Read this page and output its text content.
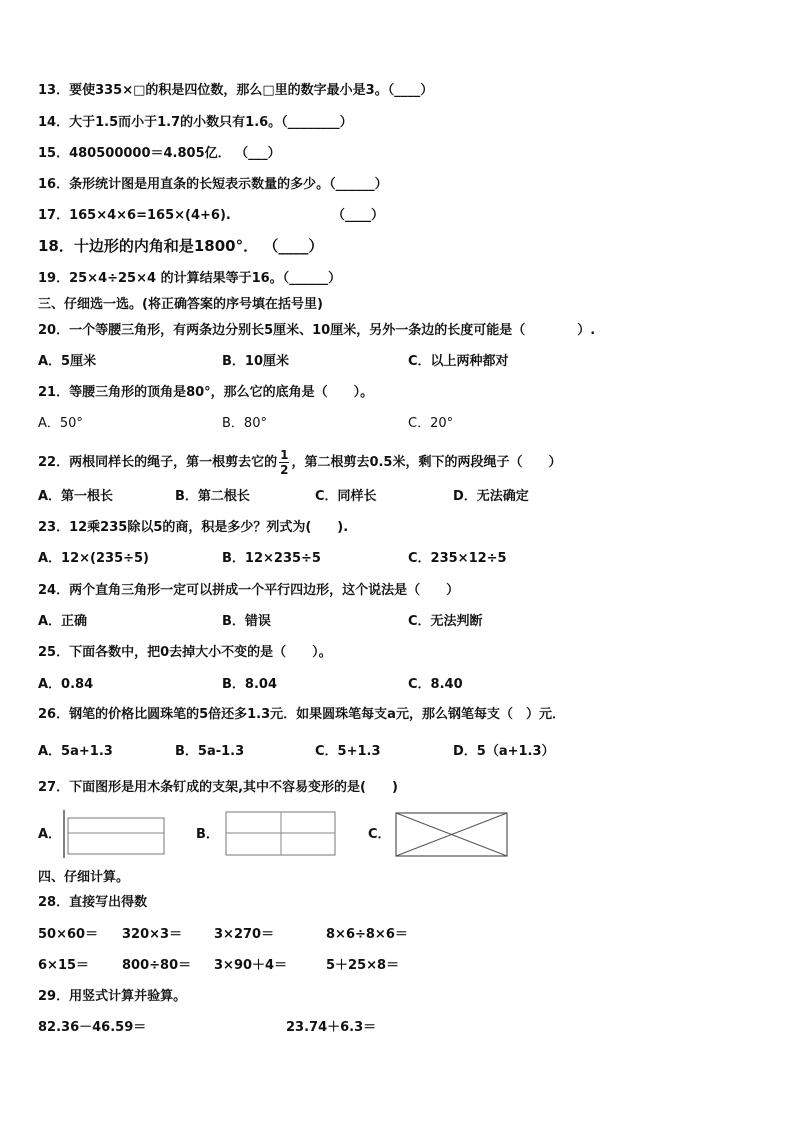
13．要使335×□的积是四位数，那么□里的数字最小是3。（____）
14．大于1.5而小于1.7的小数只有1.6。（________）
15．480500000＝4.805亿． （___）
16．条形统计图是用直条的长短表示数量的多少。（______）
17．165×4×6=165×(4+6).	（____）
18．十边形的内角和是1800°． （____）
19．25×4÷25×4 的计算结果等于16。（______）
三、仔细选一选。(将正确答案的序号填在括号里)
20．一个等腰三角形，有两条边分别长5厘米、10厘米，另外一条边的长度可能是（　　　　）.
A．5厘米	B．10厘米	C．以上两种都对
21．等腰三角形的顶角是80°，那么它的底角是（　　）。
A．50°	B．80°	C．20°
22．两根同样长的绳子，第一根剪去它的 $\frac{1}{2}$ ，第二根剪去0.5米，剩下的两段绳子（　　）
A．第一根长	B．第二根长	C．同样长	D．无法确定
23．12乘235除以5的商，积是多少？列式为(　　).
A．12×(235÷5)	B．12×235÷5	C．235×12÷5
24．两个直角三角形一定可以拼成一个平行四边形，这个说法是（　　）
A．正确	B．错误	C．无法判断
25．下面各数中，把0去掉大小不变的是（　　）。
A．0.84	B．8.04	C．8.40
26．钢笔的价格比圆珠笔的5倍还多1.3元．如果圆珠笔每支a元，那么钢笔每支（　）元．
A．5a+1.3	B．5a-1.3	C．5+1.3	D．5（a+1.3）
27．下面图形是用木条钉成的支架,其中不容易变形的是(　　)
A．	B．	C．
四、仔细计算。
28．直接写出得数
50×60＝ 320×3＝ 3×270＝	8×6÷8×6＝
6×15＝	800÷80＝ 3×90＋4＝	5＋25×8＝
29．用竖式计算并验算。
82.36－46.59＝	23.74＋6.3＝
